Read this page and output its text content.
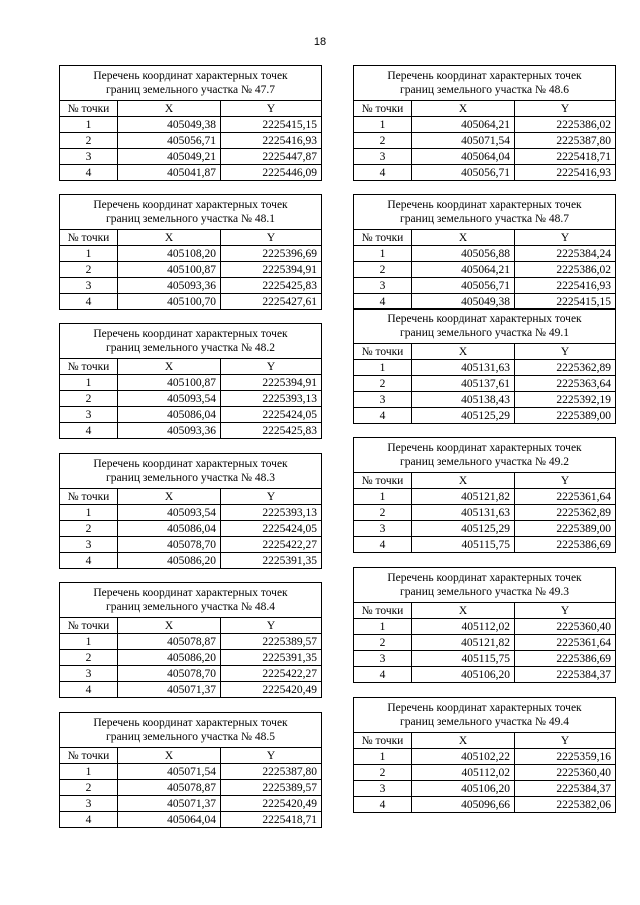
18
Перечень координат характерных точек
границ земельного участка № 47.7		

№ точки	X	Y
1	405049,38	2225415,15
2	405056,71	2225416,93
3	405049,21	2225447,87
4	405041,87	2225446,09
Перечень координат характерных точек
границ земельного участка № 48.1		

№ точки	X	Y
1	405108,20	2225396,69
2	405100,87	2225394,91
3	405093,36	2225425,83
4	405100,70	2225427,61
Перечень координат характерных точек
границ земельного участка № 48.2		

№ точки	X	Y
1	405100,87	2225394,91
2	405093,54	2225393,13
3	405086,04	2225424,05
4	405093,36	2225425,83
Перечень координат характерных точек
границ земельного участка № 48.3		

№ точки	X	Y
1	405093,54	2225393,13
2	405086,04	2225424,05
3	405078,70	2225422,27
4	405086,20	2225391,35
Перечень координат характерных точек
границ земельного участка № 48.4		

№ точки	X	Y
1	405078,87	2225389,57
2	405086,20	2225391,35
3	405078,70	2225422,27
4	405071,37	2225420,49
Перечень координат характерных точек
границ земельного участка № 48.5		

№ точки	X	Y
1	405071,54	2225387,80
2	405078,87	2225389,57
3	405071,37	2225420,49
4	405064,04	2225418,71
Перечень координат характерных точек
границ земельного участка № 48.6		

№ точки	X	Y
1	405064,21	2225386,02
2	405071,54	2225387,80
3	405064,04	2225418,71
4	405056,71	2225416,93
Перечень координат характерных точек
границ земельного участка № 48.7		

№ точки	X	Y
1	405056,88	2225384,24
2	405064,21	2225386,02
3	405056,71	2225416,93
4	405049,38	2225415,15
Перечень координат характерных точек
границ земельного участка № 49.1		

№ точки	X	Y
1	405131,63	2225362,89
2	405137,61	2225363,64
3	405138,43	2225392,19
4	405125,29	2225389,00
Перечень координат характерных точек
границ земельного участка № 49.2		

№ точки	X	Y
1	405121,82	2225361,64
2	405131,63	2225362,89
3	405125,29	2225389,00
4	405115,75	2225386,69
Перечень координат характерных точек
границ земельного участка № 49.3		

№ точки	X	Y
1	405112,02	2225360,40
2	405121,82	2225361,64
3	405115,75	2225386,69
4	405106,20	2225384,37
Перечень координат характерных точек
границ земельного участка № 49.4		

№ точки	X	Y
1	405102,22	2225359,16
2	405112,02	2225360,40
3	405106,20	2225384,37
4	405096,66	2225382,06
